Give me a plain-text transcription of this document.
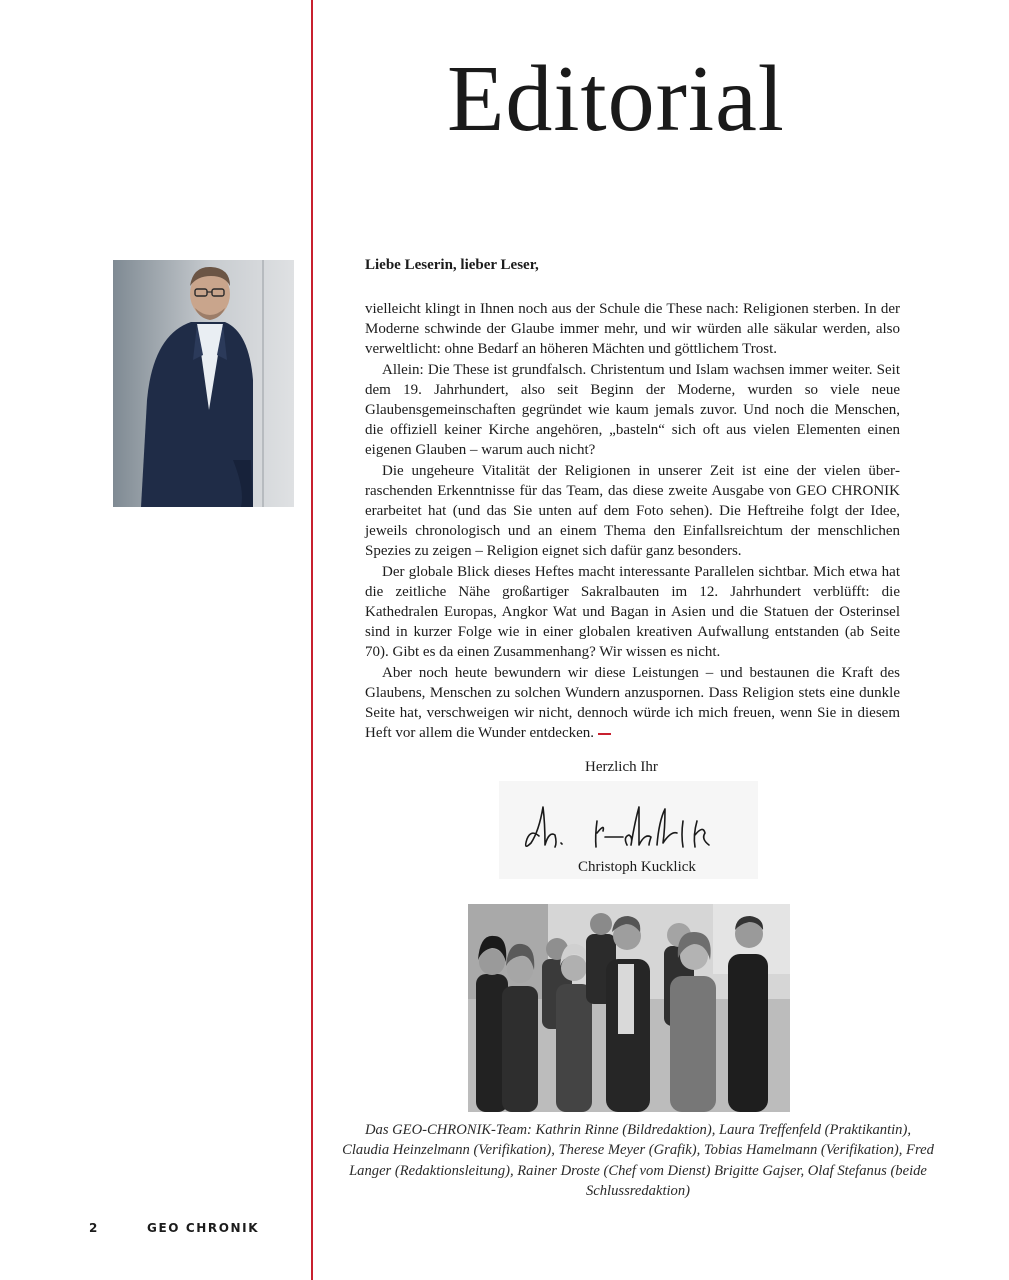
Editorial

Liebe Leserin, lieber Leser,

vielleicht klingt in Ihnen noch aus der Schule die These nach: Religionen sterben. In der Moderne schwinde der Glaube immer mehr, und wir würden alle säkular werden, also verweltlicht: ohne Bedarf an höheren Mächten und göttlichem Trost.

Allein: Die These ist grundfalsch. Christentum und Islam wachsen immer weiter. Seit dem 19. Jahrhundert, also seit Beginn der Moderne, wurden so viele neue Glaubensgemeinschaften gegründet wie kaum jemals zuvor. Und noch die Menschen, die offiziell keiner Kirche angehören, „basteln“ sich oft aus vielen Elementen einen eigenen Glauben – warum auch nicht?

Die ungeheure Vitalität der Religionen in unserer Zeit ist eine der vielen überraschenden Erkenntnisse für das Team, das diese zweite Ausgabe von GEO CHRONIK erarbeitet hat (und das Sie unten auf dem Foto sehen). Die Heftreihe folgt der Idee, jeweils chronologisch und an einem Thema den Einfallsreichtum der menschlichen Spezies zu zeigen – Religion eignet sich dafür ganz besonders.

Der globale Blick dieses Heftes macht interessante Parallelen sichtbar. Mich etwa hat die zeitliche Nähe großartiger Sakralbauten im 12. Jahrhundert verblüfft: die Kathedralen Europas, Angkor Wat und Bagan in Asien und die Statuen der Osterinsel sind in kurzer Folge wie in einer globalen kreativen Aufwallung entstanden (ab Seite 70). Gibt es da einen Zusammenhang? Wir wissen es nicht.

Aber noch heute bewundern wir diese Leistungen – und bestaunen die Kraft des Glaubens, Menschen zu solchen Wundern anzuspornen. Dass Religion stets eine dunkle Seite hat, verschweigen wir nicht, dennoch würde ich mich freuen, wenn Sie in diesem Heft vor allem die Wunder entdecken.

Herzlich Ihr

Christoph Kucklick

Das GEO-CHRONIK-Team: Kathrin Rinne (Bildredaktion), Laura Treffenfeld (Praktikantin), Claudia Heinzelmann (Verifikation), Therese Meyer (Grafik), Tobias Hamelmann (Verifikation), Fred Langer (Redaktionsleitung), Rainer Droste (Chef vom Dienst) Brigitte Gajser, Olaf Stefanus (beide Schlussredaktion)

2	GEO CHRONIK
